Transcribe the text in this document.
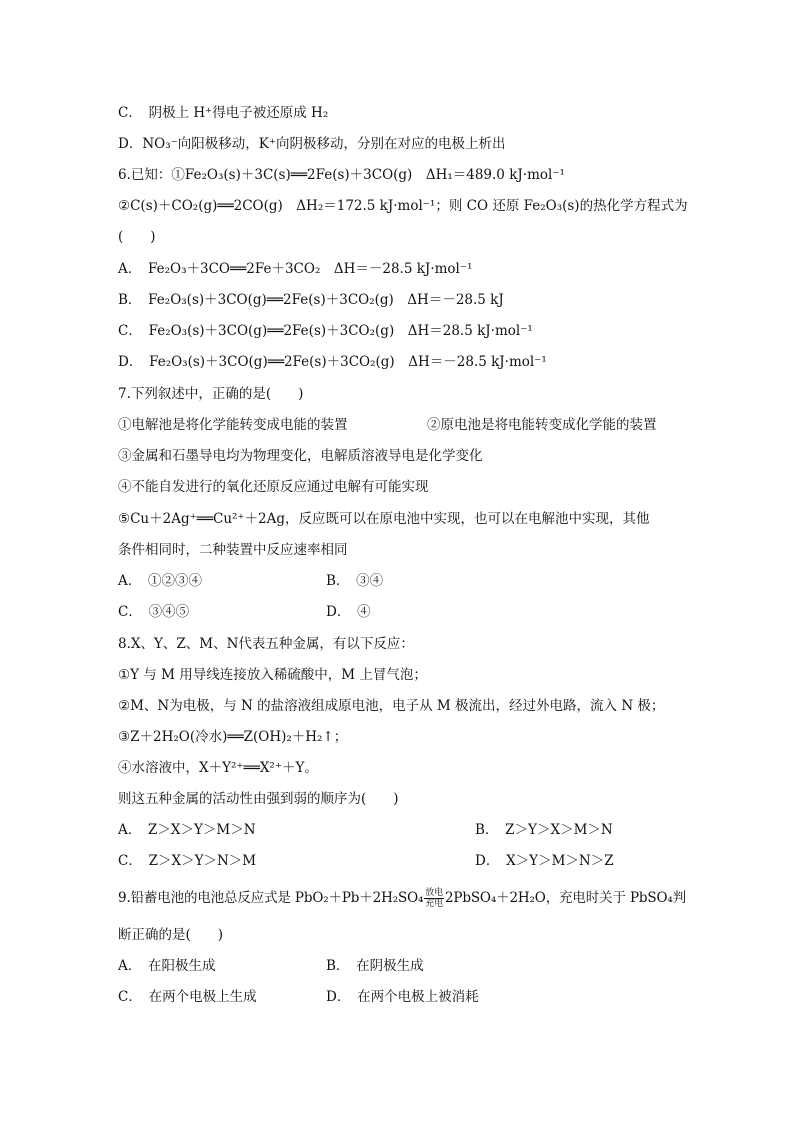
C．　阴极上 H⁺得电子被还原成 H₂
D．NO₃⁻向阳极移动，K⁺向阴极移动，分别在对应的电极上析出
6.已知：①Fe₂O₃(s)＋3C(s)══2Fe(s)＋3CO(g)　ΔH₁＝489.0 kJ·mol⁻¹
②C(s)＋CO₂(g)══2CO(g)　ΔH₂＝172.5 kJ·mol⁻¹；则 CO 还原 Fe₂O₃(s)的热化学方程式为
(　　)
A．　Fe₂O₃＋3CO══2Fe＋3CO₂　ΔH＝－28.5 kJ·mol⁻¹
B．　Fe₂O₃(s)＋3CO(g)══2Fe(s)＋3CO₂(g)　ΔH＝－28.5 kJ
C．　Fe₂O₃(s)＋3CO(g)══2Fe(s)＋3CO₂(g)　ΔH＝28.5 kJ·mol⁻¹
D．　Fe₂O₃(s)＋3CO(g)══2Fe(s)＋3CO₂(g)　ΔH＝－28.5 kJ·mol⁻¹
7.下列叙述中，正确的是(　　)
①电解池是将化学能转变成电能的装置	②原电池是将电能转变成化学能的装置
③金属和石墨导电均为物理变化，电解质溶液导电是化学变化
④不能自发进行的氧化还原反应通过电解有可能实现
⑤Cu＋2Ag⁺══Cu²⁺＋2Ag，反应既可以在原电池中实现，也可以在电解池中实现，其他
条件相同时，二种装置中反应速率相同
A．　①②③④	B．　③④
C．　③④⑤	D．　④
8.X、Y、Z、M、N代表五种金属，有以下反应：
①Y 与 M 用导线连接放入稀硫酸中，M 上冒气泡；
②M、N为电极，与 N 的盐溶液组成原电池，电子从 M 极流出，经过外电路，流入 N 极；
③Z＋2H₂O(冷水)══Z(OH)₂＋H₂↑；
④水溶液中，X＋Y²⁺══X²⁺＋Y。
则这五种金属的活动性由强到弱的顺序为(　　)
A．　Z＞X＞Y＞M＞N	B．　Z＞Y＞X＞M＞N
C．　Z＞X＞Y＞N＞M	D．　X＞Y＞M＞N＞Z
9.铅蓄电池的电池总反应式是 $PbO_2+Pb+2H_2SO_4 \frac{\text{放电}}{\text{充电}}$ 2PbSO₄＋2H₂O，充电时关于 PbSO₄判
断正确的是(　　)
A．　在阳极生成	B．　在阴极生成
C．　在两个电极上生成	D．　在两个电极上被消耗
